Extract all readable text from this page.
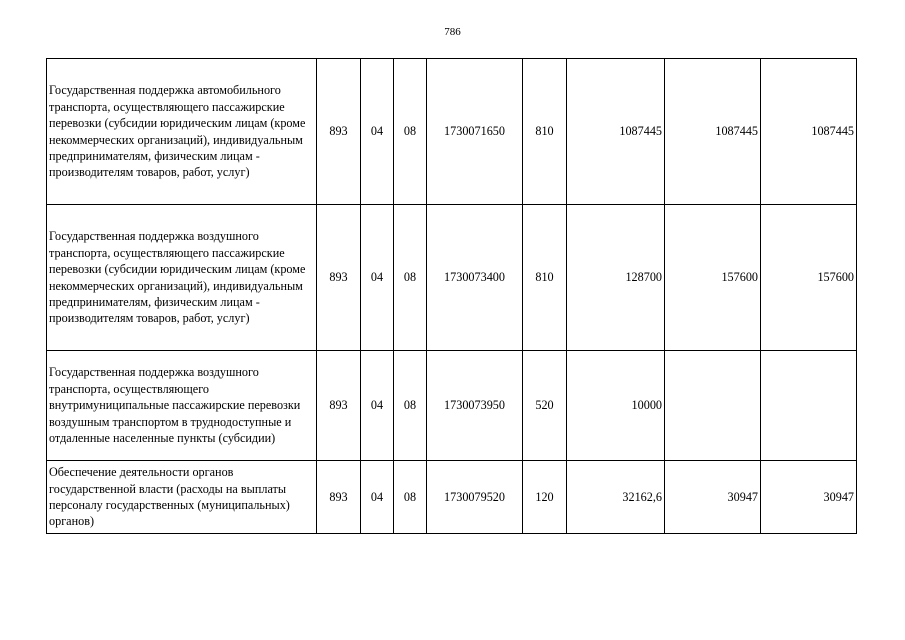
786
Государственная поддержка автомобильного транспорта, осуществляющего пассажирские перевозки (субсидии юридическим лицам (кроме некоммерческих организаций), индивидуальным предпринимателям, физическим лицам - производителям товаров, работ, услуг)	893	04	08	1730071650	810	1087445	1087445	1087445
Государственная поддержка воздушного транспорта, осуществляющего пассажирские перевозки (субсидии юридическим лицам (кроме некоммерческих организаций), индивидуальным предпринимателям, физическим лицам - производителям товаров, работ, услуг)	893	04	08	1730073400	810	128700	157600	157600
Государственная поддержка воздушного транспорта, осуществляющего внутримуниципальные пассажирские перевозки воздушным транспортом в труднодоступные и отдаленные населенные пункты (субсидии)	893	04	08	1730073950	520	10000		
Обеспечение деятельности органов государственной власти (расходы на выплаты персоналу государственных (муниципальных) органов)	893	04	08	1730079520	120	32162,6	30947	30947
